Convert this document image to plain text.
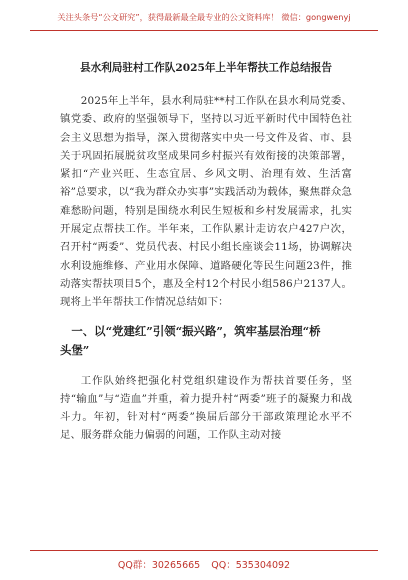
关注头条号“公文研究”，获得最新最全最专业的公文资料库！ 微信：gongwenyj
县水利局驻村工作队2025年上半年帮扶工作总结报告

2025年上半年，县水利局驻**村工作队在县水利局党委、镇党委、政府的坚强领导下，坚持以习近平新时代中国特色社会主义思想为指导，深入贯彻落实中央一号文件及省、市、县关于巩固拓展脱贫攻坚成果同乡村振兴有效衔接的决策部署，紧扣“产业兴旺、生态宜居、乡风文明、治理有效、生活富裕”总要求，以“我为群众办实事”实践活动为载体，聚焦群众急难愁盼问题，特别是围绕水利民生短板和乡村发展需求，扎实开展定点帮扶工作。半年来，工作队累计走访农户427户次，召开村“两委”、党员代表、村民小组长座谈会11场，协调解决水利设施维修、产业用水保障、道路硬化等民生问题23件，推动落实帮扶项目5个，惠及全村12个村民小组586户2137人。现将上半年帮扶工作情况总结如下：

一、以“党建红”引领“振兴路”，筑牢基层治理“桥
头堡”

工作队始终把强化村党组织建设作为帮扶首要任务，坚持“输血”与“造血”并重，着力提升村“两委”班子的凝聚力和战斗力。年初，针对村“两委”换届后部分干部政策理论水平不足、服务群众能力偏弱的问题，工作队主动对接

QQ群：30265665 QQ：535304092
